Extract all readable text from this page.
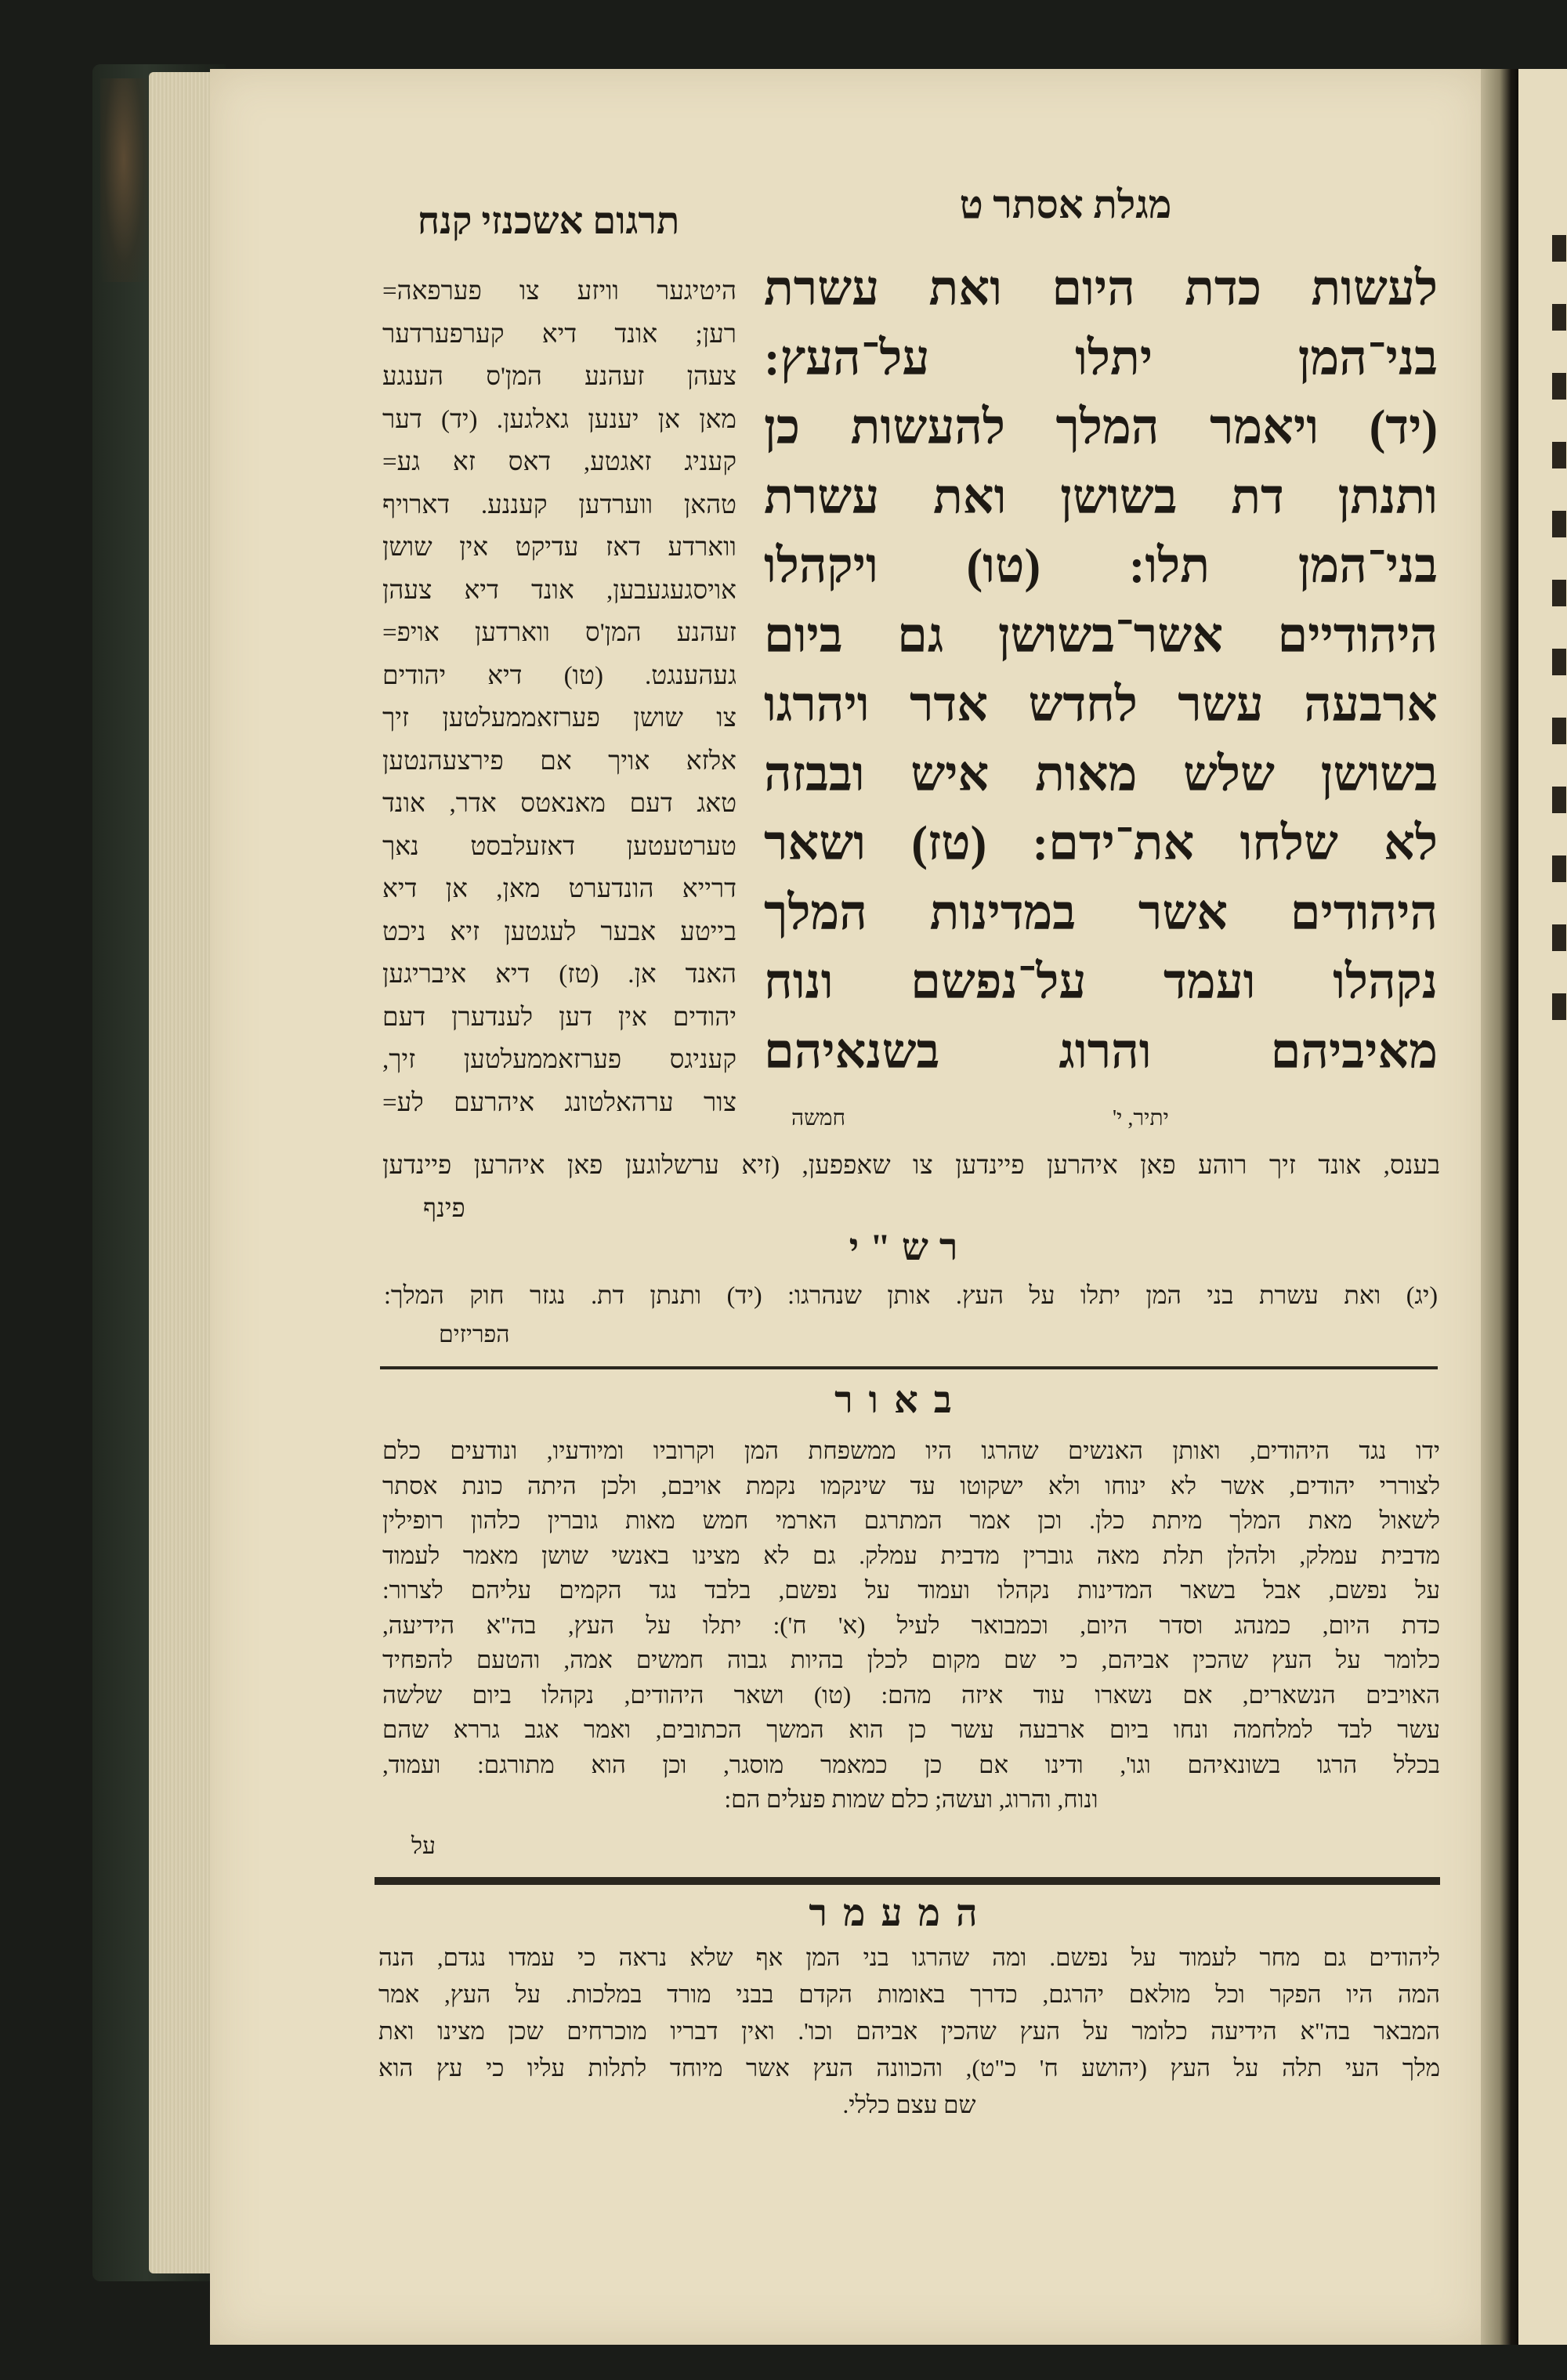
מגלת אסתר ט
תרגום אשכנזי קנח
לעשות כדת היום ואת עשרת
בני־המן יתלו על־העץ:
(יד) ויאמר המלך להעשות כן
ותנתן דת בשושן ואת עשרת
בני־המן תלו: (טו) ויקהלו
היהודיים אשר־בשושן גם ביום
ארבעה עשר לחדש אדר ויהרגו
בשושן שלש מאות איש ובבזה
לא שלחו את־ידם: (טז) ושאר
היהודים אשר במדינות המלך
נקהלו ועמד על־נפשם ונוח
מאיביהם והרוג בשנאיהם
היטיגער וויזע צו פערפאה=
רען; אונד דיא קערפערדער
צעהן זעהנע המן'ס הענגע
מאן אן יענען גאלגען. (יד) דער
קעניג זאגטע, דאס זא גע=
טהאן ווערדען קעננע. דארויף
ווארדע דאז עדיקט אין שושן
אויסגעגעבען, אונד דיא צעהן
זעהנע המן'ס ווארדען אויפ=
געהענגט. (טו) דיא יהודים
צו שושן פערזאממעלטען זיך
אלזא אויך אם פירצעהנטען
טאג דעם מאנאטס אדר, אונד
טערטעטען דאזעלבסט נאך
דרייא הונדערט מאן, אן דיא
בייטע אבער לעגטען זיא ניכט
האנד אן. (טז) דיא איבריגען
יהודים אין דען לענדערן דעם
קעניגס פערזאממעלטען זיך,
צור ערהאלטונג איהרעם לע=
יתיר, י'
חמשה
בענס, אונד זיך רוהע פאן איהרען פיינדען צו שאפפען, (זיא ערשלוגען פאן איהרען פיינדען
פינף
רש"י
(יג) ואת עשרת בני המן יתלו על העץ. אותן שנהרגו: (יד) ותנתן דת. נגזר חוק המלך:
הפריזים
באור
ידו נגד היהודים, ואותן האנשים שהרגו היו ממשפחת המן וקרוביו ומיודעיו, ונודעים כלם
לצוררי יהודים, אשר לא ינוחו ולא ישקוטו עד שינקמו נקמת אויבם, ולכן היתה כונת אסתר
לשאול מאת המלך מיתת כלן. וכן אמר המתרגם הארמי חמש מאות גוברין כלהון רופילין
מדבית עמלק, ולהלן תלת מאה גוברין מדבית עמלק. גם לא מצינו באנשי שושן מאמר לעמוד
על נפשם, אבל בשאר המדינות נקהלו ועמוד על נפשם, בלבד נגד הקמים עליהם לצרור:
כדת היום, כמנהג וסדר היום, וכמבואר לעיל (א' ח'): יתלו על העץ, בה"א הידיעה,
כלומר על העץ שהכין אביהם, כי שם מקום לכלן בהיות גבוה חמשים אמה, והטעם להפחיד
האויבים הנשארים, אם נשארו עוד איזה מהם: (טו) ושאר היהודים, נקהלו ביום שלשה
עשר לבד למלחמה ונחו ביום ארבעה עשר כן הוא המשך הכתובים, ואמר אגב גררא שהם
בכלל הרגו בשונאיהם וגו', ודינו אם כן כמאמר מוסגר, וכן הוא מתורגם: ועמוד,
ונוח, והרוג, ועשה; כלם שמות פעלים הם:
על
המעמר
ליהודים גם מחר לעמוד על נפשם. ומה שהרגו בני המן אף שלא נראה כי עמדו נגדם, הנה
המה היו הפקר וכל מולאם יהרגם, כדרך באומות הקדם בבני מורד במלכות. על העץ, אמר
המבאר בה"א הידיעה כלומר על העץ שהכין אביהם וכו'. ואין דבריו מוכרחים שכן מצינו ואת
מלך העי תלה על העץ (יהושע ח' כ"ט), והכוונה העץ אשר מיוחד לתלות עליו כי עץ הוא
שם עצם כללי.
